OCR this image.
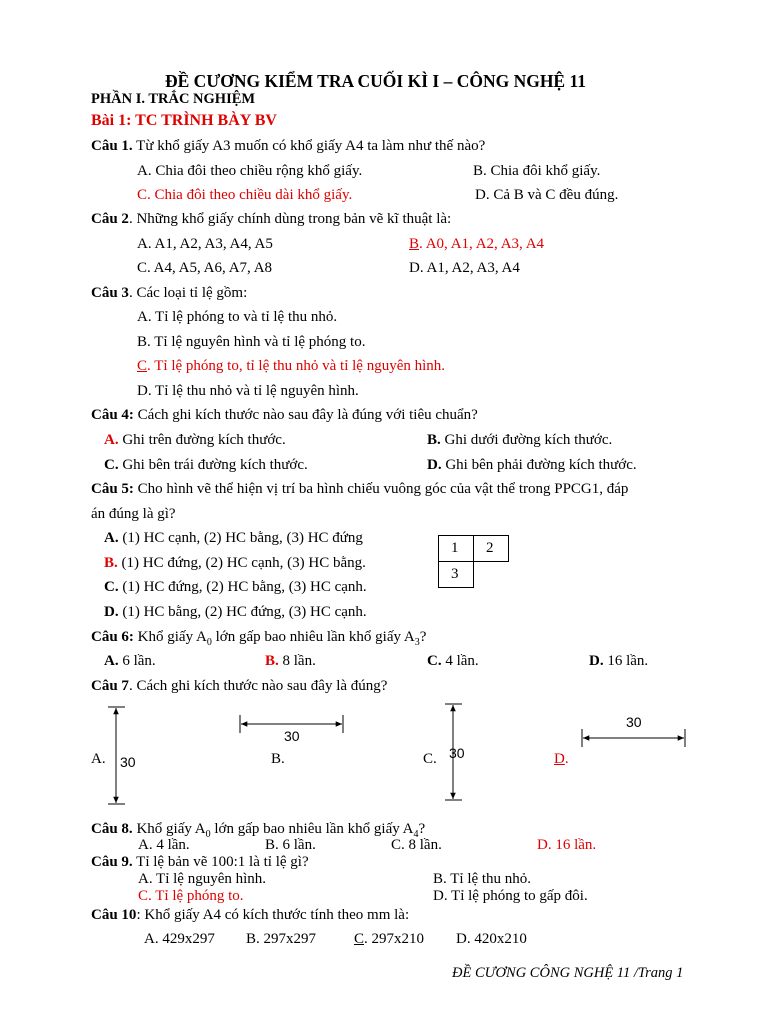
ĐỀ CƯƠNG KIỂM TRA CUỐI KÌ I – CÔNG NGHỆ 11
PHẦN I. TRẮC NGHIỆM
Bài 1: TC TRÌNH BÀY BV
Câu 1. Từ khổ giấy A3 muốn có khổ giấy A4 ta làm như thế nào?
A. Chia đôi theo chiều rộng khổ giấy.	B. Chia đôi khổ giấy.
C. Chia đôi theo chiều dài khổ giấy.	D. Cả B và C đều đúng.
Câu 2. Những khổ giấy chính dùng trong bản vẽ kĩ thuật là:
A. A1, A2, A3, A4, A5	B. A0, A1, A2, A3, A4
C. A4, A5, A6, A7, A8	D. A1, A2, A3, A4
Câu 3. Các loại tỉ lệ gồm:
A. Tỉ lệ phóng to và tỉ lệ thu nhỏ.
B. Tỉ lệ nguyên hình và tỉ lệ phóng to.
C. Tỉ lệ phóng to, tỉ lệ thu nhỏ và tỉ lệ nguyên hình.
D. Tỉ lệ thu nhỏ và tỉ lệ nguyên hình.
Câu 4: Cách ghi kích thước nào sau đây là đúng với tiêu chuẩn?
A. Ghi trên đường kích thước.	B. Ghi dưới đường kích thước.
C. Ghi bên trái đường kích thước.	D. Ghi bên phải đường kích thước.
Câu 5: Cho hình vẽ thể hiện vị trí ba hình chiếu vuông góc của vật thể trong PPCG1, đáp
án đúng là gì?
A. (1) HC cạnh, (2) HC bằng, (3) HC đứng
B. (1) HC đứng, (2) HC cạnh, (3) HC bằng.
C. (1) HC đứng, (2) HC bằng, (3) HC cạnh.
D. (1) HC bằng, (2) HC đứng, (3) HC cạnh.
1 2
3
Câu 6: Khổ giấy $A_0$ lớn gấp bao nhiêu lần khổ giấy $A_3$?
A. 6 lần.	B. 8 lần.	C. 4 lần.	D. 16 lần.
Câu 7. Cách ghi kích thước nào sau đây là đúng?
A. 30	B.
30
C. 30	D.
30
Câu 8. Khổ giấy $A_0$ lớn gấp bao nhiêu lần khổ giấy $A_4$?
A. 4 lần.	B. 6 lần.	C. 8 lần.	D. 16 lần.
Câu 9. Tỉ lệ bản vẽ 100:1 là tỉ lệ gì?
A. Tỉ lệ nguyên hình.	B. Tỉ lệ thu nhỏ.
C. Tỉ lệ phóng to.	D. Tỉ lệ phóng to gấp đôi.
Câu 10: Khổ giấy A4 có kích thước tính theo mm là:
A. 429x297 B. 297x297	C. 297x210 D. 420x210
ĐỀ CƯƠNG CÔNG NGHỆ 11 /Trang 1
